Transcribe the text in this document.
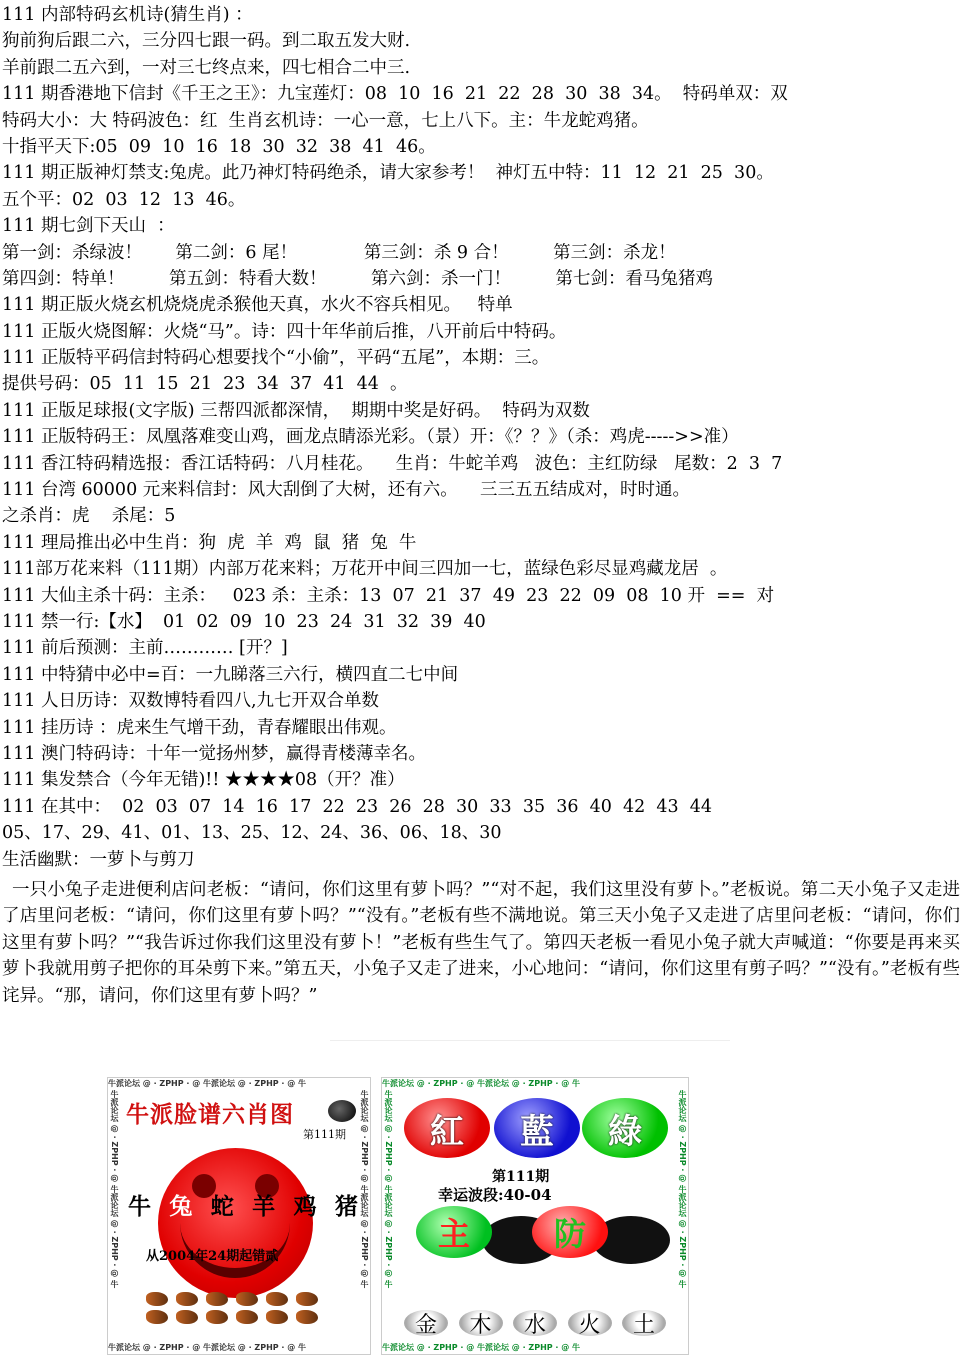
111 内部特码玄机诗(猜生肖) ：
狗前狗后跟二六，三分四七跟一码。到二取五发大财.
羊前跟二五六到，一对三七终点来，四七相合二中三.
111 期香港地下信封《千王之王》：九宝莲灯：08  10  16  21  22  28  30  38  34。  特码单双：双
特码大小：大 特码波色：红  生肖玄机诗：一心一意，七上八下。主：牛龙蛇鸡猪。
十指平天下:05  09  10  16  18  30  32  38  41  46。
111 期正版神灯禁支:兔虎。此乃神灯特码绝杀，请大家参考！  神灯五中特：11  12  21  25  30。
五个平：02  03  12  13  46。
111 期七剑下天山  ：
第一剑：杀绿波！      第二剑：6 尾！            第三剑：杀 9 合！        第三剑：杀龙！
第四剑：特单！        第五剑：特看大数！        第六剑：杀一门！        第七剑：看马兔猪鸡
111 期正版火烧玄机烧烧虎杀猴他天真，水火不容兵相见。   特单
111 正版火烧图解：火烧“马”。诗：四十年华前后推，八开前后中特码。
111 正版特平码信封特码心想要找个“小偷”，平码“五尾”，本期：三。
提供号码：05  11  15  21  23  34  37  41  44  。
111 正版足球报(文字版) 三帮四派都深情，  期期中奖是好码。  特码为双数
111 正版特码王：凤凰落难变山鸡，画龙点睛添光彩。（景）开：《？？》（杀：鸡虎----->>准）
111 香江特码精选报：香江话特码：八月桂花。    生肖：牛蛇羊鸡   波色：主红防绿   尾数：2  3  7
111 台湾 60000 元来料信封：风大刮倒了大树，还有六。    三三五五结成对，时时通。
之杀肖：虎    杀尾：5
111 理局推出必中生肖：狗  虎  羊  鸡  鼠  猪  兔  牛
111部万花来料（111期）内部万花来料；万花开中间三四加一七，蓝绿色彩尽显鸡藏龙居  。
111 大仙主杀十码：主杀：   023 杀：主杀：13  07  21  37  49  23  22  09  08  10 开  ==  对
111 禁一行:【水】  01  02  09  10  23  24  31  32  39  40
111 前后预测：主前………… [开？]
111 中特猜中必中=百：一九睇落三六行，横四直二七中间
111 人日历诗：双数博特看四八,九七开双合单数
111 挂历诗 ：虎来生气增干劲，青春耀眼出伟观。
111 澳门特码诗：十年一觉扬州梦，赢得青楼薄幸名。
111 集发禁合（今年无错)!! ★★★★08（开？准）
111 在其中：  02  03  07  14  16  17  22  23  26  28  30  33  35  36  40  42  43  44
05、17、29、41、01、13、25、12、24、36、06、18、30
生活幽默：一萝卜与剪刀

一只小兔子走进便利店问老板：“请问，你们这里有萝卜吗？”“对不起，我们这里没有萝卜。”老板说。第二天小兔子又走进了店里问老板：“请问，你们这里有萝卜吗？”“没有。”老板有些不满地说。第三天小兔子又走进了店里问老板：“请问，你们这里有萝卜吗？”“我告诉过你我们这里没有萝卜！”老板有些生气了。第四天老板一看见小兔子就大声喊道：“你要是再来买萝卜我就用剪子把你的耳朵剪下来。”第五天，小兔子又走了进来，小心地问：“请问，你们这里有剪子吗？”“没有。”老板有些诧异。“那，请问，你们这里有萝卜吗？”

牛派论坛 @ · ZPHP · @ 牛派论坛 @ · ZPHP · @ 牛
牛派论坛 @ · ZPHP · @ 牛派论坛 @ · ZPHP · @ 牛
牛派论坛 @ · ZPHP · @ 牛派论坛 @ · ZPHP · @ 牛	牛派论坛 @ · ZPHP · @ 牛派论坛 @ · ZPHP · @ 牛
牛派脸谱六肖图
第111期
牛 兔 蛇 羊 鸡 猪
从2004年24期起错贰
牛派论坛 @ · ZPHP · @ 牛派论坛 @ · ZPHP · @ 牛
牛派论坛 @ · ZPHP · @ 牛派论坛 @ · ZPHP · @ 牛
牛派论坛 @ · ZPHP · @ 牛派论坛 @ · ZPHP · @ 牛	牛派论坛 @ · ZPHP · @ 牛派论坛 @ · ZPHP · @ 牛
紅	藍	綠
第111期
幸运波段:40-04
主	防
金	木	水	火	土
